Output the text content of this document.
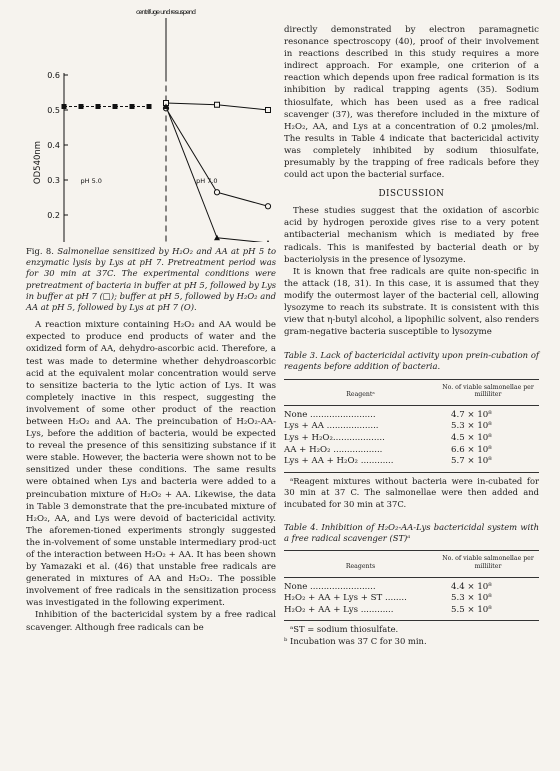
0.2
0.3
0.4
0.5
0.6
OD540nm
centrifuge und resuspend
pH 5.0	pH 7.0

Fig. 8. Salmonellae sensitized by H₂O₂ and AA at pH 5 to enzymatic lysis by Lys at pH 7. Pretreatment period was for 30 min at 37C. The experimental conditions were pretreatment of bacteria in buffer at pH 5, followed by Lys in buffer at pH 7 (□); buffer at pH 5, followed by H₂O₂ and AA at pH 5, followed by Lys at pH 7 (O).

A reaction mixture containing H₂O₂ and AA would be expected to produce end products of water and the oxidized form of AA, dehydro-ascorbic acid. Therefore, a test was made to determine whether dehydroascorbic acid at the equivalent molar concentration would serve to sensitize bacteria to the lytic action of Lys. It was completely inactive in this respect, suggesting the involvement of some other product of the reaction between H₂O₂ and AA. The preincubation of H₂O₂-AA-Lys, before the addition of bacteria, would be expected to reveal the presence of this sensitizing substance if it were stable. However, the bacteria were shown not to be sensitized under these conditions. The same results were obtained when Lys and bacteria were added to a preincubation mixture of H₂O₂ + AA. Likewise, the data in Table 3 demonstrate that the pre-incubated mixture of H₂O₂, AA, and Lys were devoid of bactericidal activity. The aforemen-tioned experiments strongly suggested the in-volvement of some unstable intermediary prod-uct of the interaction between H₂O₂ + AA. It has been shown by Yamazaki et al. (46) that unstable free radicals are generated in mixtures of AA and H₂O₂. The possible involvement of free radicals in the sensitization process was investigated in the following experiment.

Inhibition of the bactericidal system by a free radical scavenger. Although free radicals can be

directly demonstrated by electron paramagnetic resonance spectroscopy (40), proof of their involvement in reactions described in this study requires a more indirect approach. For example, one criterion of a reaction which depends upon free radical formation is its inhibition by radical trapping agents (35). Sodium thiosulfate, which has been used as a free radical scavenger (37), was therefore included in the mixture of H₂O₂, AA, and Lys at a concentration of 0.2 µmoles/ml. The results in Table 4 indicate that bactericidal activity was completely inhibited by sodium thiosulfate, presumably by the trapping of free radicals before they could act upon the bacterial surface.

DISCUSSION

These studies suggest that the oxidation of ascorbic acid by hydrogen peroxide gives rise to a very potent antibacterial mechanism which is mediated by free radicals. This is manifested by bacterial death or by bacteriolysis in the presence of lysozyme.

It is known that free radicals are quite non-specific in the attack (18, 31). In this case, it is assumed that they modify the outermost layer of the bacterial cell, allowing lysozyme to reach its substrate. It is consistent with this view that η-butyl alcohol, a lipophilic solvent, also renders gram-negative bacteria susceptible to lysozyme

Table 3. Lack of bactericidal activity upon prein-cubation of reagents before addition of bacteria.

Reagentᵃ	No. of viable salmonellae per milliliter
None ........................	4.7 × 10⁸
Lys + AA ...................	5.3 × 10⁸
Lys + H₂O₂...................	4.5 × 10⁸
AA + H₂O₂ ..................	6.6 × 10⁸
Lys + AA + H₂O₂ ............	5.7 × 10⁸

ᵃReagent mixtures without bacteria were in-cubated for 30 min at 37 C. The salmonellae were then added and incubated for 30 min at 37C.

Table 4. Inhibition of H₂O₂-AA-Lys bactericidal system with a free radical scavenger (ST)ᵃ

Reagents	No. of viable salmonellae per milliliter
None ........................	4.4 × 10⁸
H₂O₂ + AA + Lys + ST ........	5.3 × 10⁸
H₂O₂ + AA + Lys ............	5.5 × 10⁸

ᵃST = sodium thiosulfate.

ᵇ Incubation was 37 C for 30 min.
